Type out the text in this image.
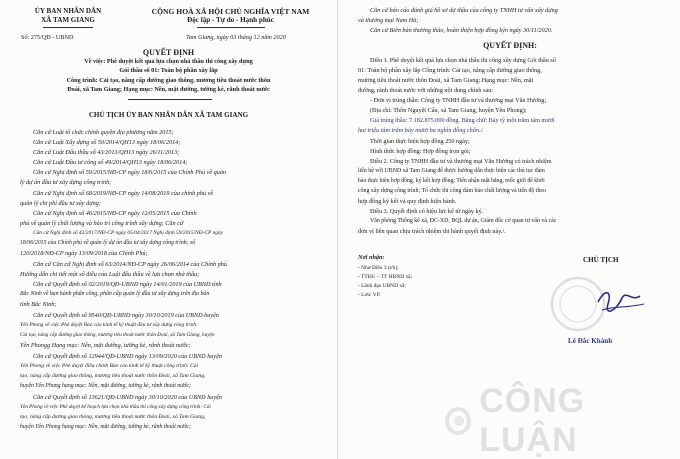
ỦY BAN NHÂN DÂN
XÃ TAM GIANG
Số: 275/QĐ - UBND
CỘNG HOÀ XÃ HỘI CHỦ NGHĨA VIỆT NAM
Độc lập - Tự do - Hạnh phúc
Tam Giang, ngày 03 tháng 12 năm 2020
QUYẾT ĐỊNH
Về việc: Phê duyệt kết quả lựa chọn nhà thầu thi công xây dựng
Gói thầu số 01: Toàn bộ phần xây lắp
Công trình: Cải tạo, nâng cấp đường giao thông, mương tiêu thoát nước thôn
Đoài, xã Tam Giang; Hạng mục: Nền, mặt đường, tường kè, rãnh thoát nước
CHỦ TỊCH ỦY BAN NHÂN DÂN XÃ TAM GIANG
Căn cứ Luật tổ chức chính quyền địa phương năm 2015;
Căn cứ Luật Xây dựng số 50/2014/QH13 ngày 18/06/2014;
Căn cứ Luật Đấu thầu số 43/2013/QH13 ngày 26/11/2013;
Căn cứ Luật Đầu tư công số 49/2014/QH13 ngày 18/06/2014;
Căn cứ Nghị định số 59/2015/NĐ-CP ngày 18/6/2015 của Chính Phủ về quản
lý dự án đầu tư xây dựng công trình;
Căn cứ Nghị định số 68/2019/NĐ-CP ngày 14/08/2019 của chính phủ về
quản lý chi phí đầu tư xây dựng;
Căn cứ Nghị định số 46/2015/NĐ-CP ngày 12/05/2015 của Chính
phủ về quản lý chất lượng và bảo trì công trình xây dựng; Căn cứ
Căn cứ Nghị định số 42/2017/NĐ-CP ngày 05/04/2017 Nghị định 59/2015/NĐ-CP ngày
18/06/2015 của Chính phủ về quản lý dự án đầu tư xây dựng công trình; số
120/2018/NĐ-CP ngày 13/09/2018 của Chính Phủ;
Căn cứ Căn cứ Nghị định số 63/2014/NĐ-CP ngày 26/06/2014 của Chính phủ
Hướng dẫn chi tiết một số điều của Luật đấu thầu về lựa chọn nhà thầu;
Căn cứ Quyết định số 02/2019/QĐ-UBND ngày 14/01/2019 của UBND tỉnh
Bắc Ninh về ban hành phân công, phân cấp quản lý đầu tư xây dựng trên địa bàn
tỉnh Bắc Ninh;
Căn cứ Quyết định số 9540/QĐ-UBND ngày 30/10/2019 của UBND huyện
Yên Phong về việc Phê duyệt Báo cáo kinh tế kỹ thuật đầu tư xây dựng công trình:
Cải tạo, nâng cấp đường giao thông, mương tiêu thoát nước thôn Đoài, xã Tam Giang, huyện
Yên Phongg Hạng mục: Nền, mặt đường, tường kè, rãnh thoát nước;
Căn cứ Quyết định số 12944/QĐ-UBND ngày 13/09/2020 của UBND huyện
Yên Phong về việc Phê duyệt điều chỉnh Báo cáo kinh tế kỹ thuật công trình: Cải
tạo, nâng cấp đường giao thông, mương tiêu thoát nước thôn Đoài, xã Tam Giang,
huyện Yên Phong hạng mục: Nền, mặt đường, tường kè, rãnh thoát nước;
Căn cứ Quyết định số 13621/QĐ-UBND ngày 30/10/2020 của UBND huyện
Yên Phong về việc Phê duyệt kế hoạch lựa chọn nhà thầu thi công xây dựng công trình: Cải
tạo, nâng cấp đường giao thông, mương tiêu thoát nước thôn Đoài, xã Tam Giang,
huyện Yên Phong hạng mục: Nền, mặt đường, tường kè, rãnh thoát nước;
Căn cứ báo cáo đánh giá hồ sơ dự thầu của công ty TNHH tư vấn xây dựng
và thương mại Nam Hà;
Căn cứ Biên bản thương thảo, hoàn thiện hợp đồng kýn ngày 30/11/2020.
QUYẾT ĐỊNH:
Điều 1. Phê duyệt kết quả lựa chọn nhà thầu thi công xây dựng Gói thầu số
01: Toàn bộ phần xây lắp Công trình: Cải tạo, nâng cấp đường giao thông,
mương tiêu thoát nước thôn Đoài, xã Tam Giang; Hạng mục: Nền, mặt
đường, rãnh thoát nước với những nội dung chính sau:
- Đơn vị trúng thầu: Công ty TNHH đầu tư và thương mại Văn Hương;
(Địa chỉ: Thôn Nguyệt Cẩu, xã Tam Giang, huyện Yên Phong);
Giá trúng thầu: 7.182.875.000 đồng. Bằng chữ: Bảy tỷ một trăm tám mươi
hai triệu tám trăm bảy mươi ba nghìn đồng chẵn./.
Thời gian thực hiện hợp đồng 250 ngày;
Hình thức hợp đồng: Hợp đồng trọn gói;
Điều 2. Công ty TNHH đầu tư và thương mại Văn Hương có trách nhiệm
liên hệ với UBND xã Tam Giang để được hướng dẫn thực hiện các thủ tục đảm
bảo thực hiện hợp đồng, ký kết hợp đồng; Tiến nhận mặt bằng, mốc giới để khởi
công xây dựng công trình; Tổ chức thi công đảm bảo chất lượng và tiến độ theo
hợp đồng ký kết và quy định hiện hành.
Điều 3. Quyết định có hiệu lực kể từ ngày ký.
Văn phòng Thống kê xã, ĐC-XD, BQL dự án, Giám đốc cơ quan tư vấn và các
đơn vị liên quan chịu trách nhiệm thi hành quyết định này./.
Nơi nhận:
- Như Điều 3 (t/h);
- TTĐU – TT HĐND xã;
- Lãnh đạo UBND xã;
- Lưu: VP.
CHỦ TỊCH
Lê Đắc Khánh
CÔNG LUẬN
